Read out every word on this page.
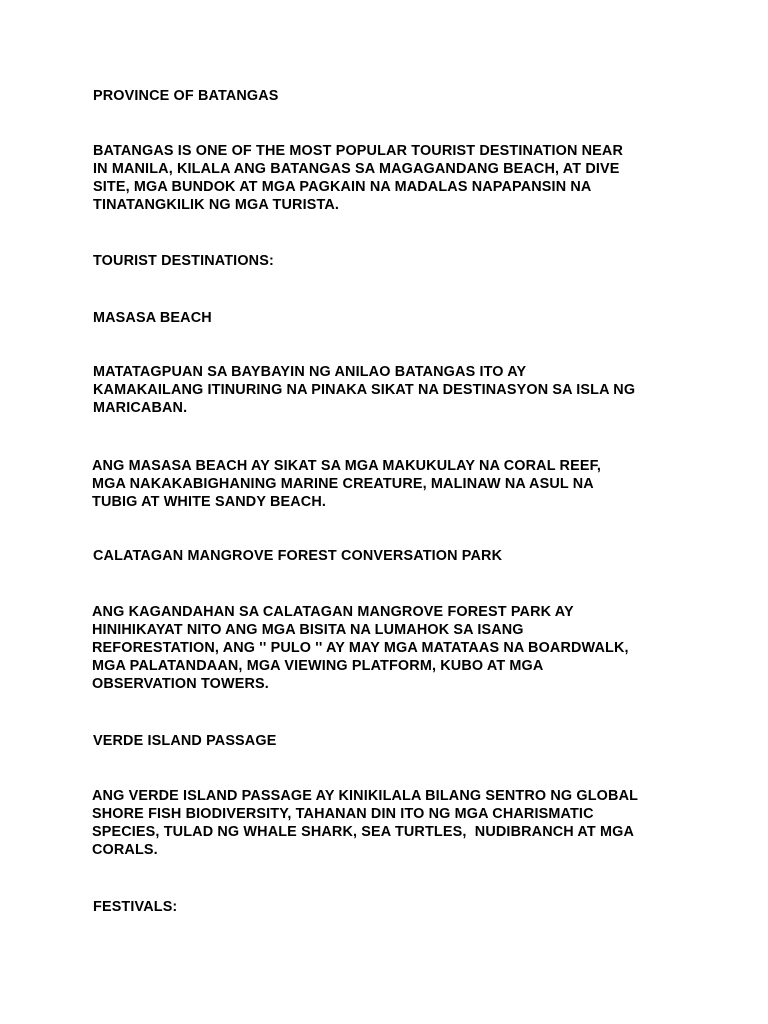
PROVINCE OF BATANGAS

BATANGAS IS ONE OF THE MOST POPULAR TOURIST DESTINATION NEAR
IN MANILA, KILALA ANG BATANGAS SA MAGAGANDANG BEACH, AT DIVE
SITE, MGA BUNDOK AT MGA PAGKAIN NA MADALAS NAPAPANSIN NA
TINATANGKILIK NG MGA TURISTA.

TOURIST DESTINATIONS:

MASASA BEACH

MATATAGPUAN SA BAYBAYIN NG ANILAO BATANGAS ITO AY
KAMAKAILANG ITINURING NA PINAKA SIKAT NA DESTINASYON SA ISLA NG
MARICABAN.

ANG MASASA BEACH AY SIKAT SA MGA MAKUKULAY NA CORAL REEF,
MGA NAKAKABIGHANING MARINE CREATURE, MALINAW NA ASUL NA
TUBIG AT WHITE SANDY BEACH.

CALATAGAN MANGROVE FOREST CONVERSATION PARK

ANG KAGANDAHAN SA CALATAGAN MANGROVE FOREST PARK AY
HINIHIKAYAT NITO ANG MGA BISITA NA LUMAHOK SA ISANG
REFORESTATION, ANG '' PULO '' AY MAY MGA MATATAAS NA BOARDWALK,
MGA PALATANDAAN, MGA VIEWING PLATFORM, KUBO AT MGA
OBSERVATION TOWERS.

VERDE ISLAND PASSAGE

ANG VERDE ISLAND PASSAGE AY KINIKILALA BILANG SENTRO NG GLOBAL
SHORE FISH BIODIVERSITY, TAHANAN DIN ITO NG MGA CHARISMATIC
SPECIES, TULAD NG WHALE SHARK, SEA TURTLES,  NUDIBRANCH AT MGA
CORALS.

FESTIVALS:
